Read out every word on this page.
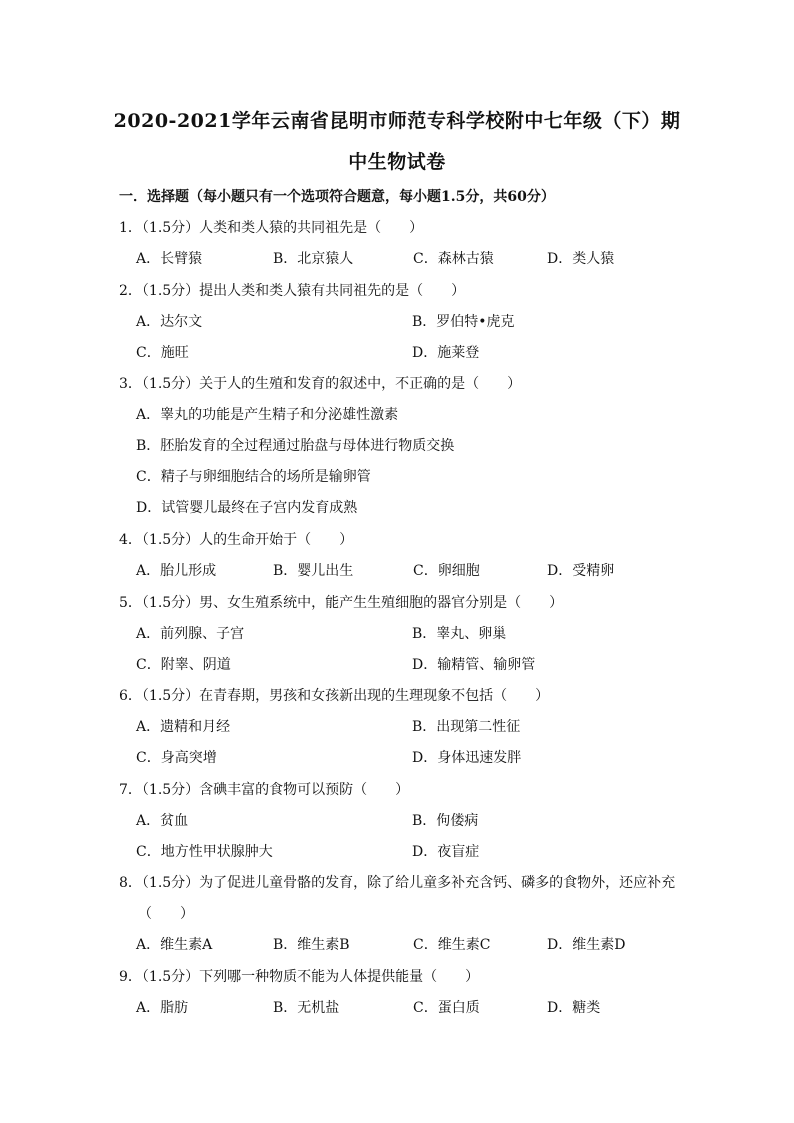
2020-2021学年云南省昆明市师范专科学校附中七年级（下）期
中生物试卷
一．选择题（每小题只有一个选项符合题意，每小题1.5分，共60分）
1．（1.5分）人类和类人猿的共同祖先是（　　）
A．长臂猿	B．北京猿人	C．森林古猿	D．类人猿
2．（1.5分）提出人类和类人猿有共同祖先的是（　　）
A．达尔文	B．罗伯特•虎克
C．施旺	D．施莱登
3．（1.5分）关于人的生殖和发育的叙述中，不正确的是（　　）
A．睾丸的功能是产生精子和分泌雄性激素
B．胚胎发育的全过程通过胎盘与母体进行物质交换
C．精子与卵细胞结合的场所是输卵管
D．试管婴儿最终在子宫内发育成熟
4．（1.5分）人的生命开始于（　　）
A．胎儿形成	B．婴儿出生	C．卵细胞	D．受精卵
5．（1.5分）男、女生殖系统中，能产生生殖细胞的器官分别是（　　）
A．前列腺、子宫	B．睾丸、卵巢
C．附睾、阴道	D．输精管、输卵管
6．（1.5分）在青春期，男孩和女孩新出现的生理现象不包括（　　）
A．遗精和月经	B．出现第二性征
C．身高突增	D．身体迅速发胖
7．（1.5分）含碘丰富的食物可以预防（　　）
A．贫血	B．佝偻病
C．地方性甲状腺肿大	D．夜盲症
8．（1.5分）为了促进儿童骨骼的发育，除了给儿童多补充含钙、磷多的食物外，还应补充
（　　）
A．维生素A	B．维生素B	C．维生素C	D．维生素D
9．（1.5分）下列哪一种物质不能为人体提供能量（　　）
A．脂肪	B．无机盐	C．蛋白质	D．糖类
